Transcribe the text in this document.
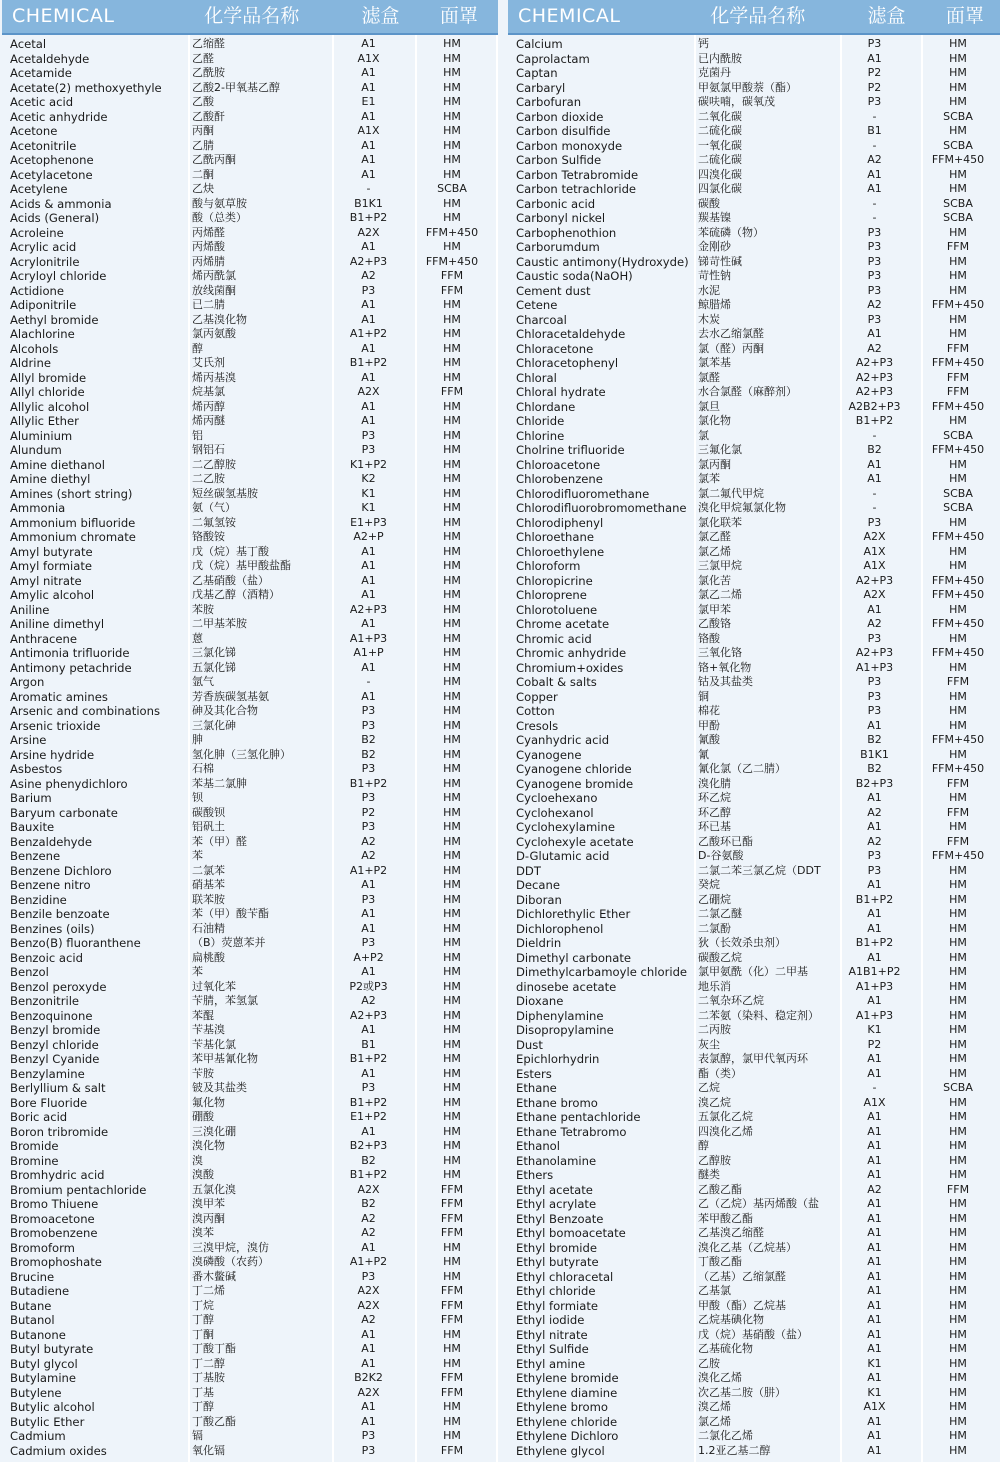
CHEMICAL	化学品名称	滤盒	面罩
Acetal	乙缩醛	A1	HM
Acetaldehyde	乙醛	A1X	HM
Acetamide	乙酰胺	A1	HM
Acetate(2) methoxyethyle	乙酸2-甲氧基乙醇	A1	HM
Acetic acid	乙酸	E1	HM
Acetic anhydride	乙酸酐	A1	HM
Acetone	丙酮	A1X	HM
Acetonitrile	乙腈	A1	HM
Acetophenone	乙酰丙酮	A1	HM
Acetylacetone	二酮	A1	HM
Acetylene	乙炔	-	SCBA
Acids & ammonia	酸与氨草胺	B1K1	HM
Acids (General)	酸（总类）	B1+P2	HM
Acroleine	丙烯醛	A2X	FFM+450
Acrylic acid	丙烯酸	A1	HM
Acrylonitrile	丙烯腈	A2+P3	FFM+450
Acryloyl chloride	烯丙酰氯	A2	FFM
Actidione	放线菌酮	P3	FFM
Adiponitrile	已二腈	A1	HM
Aethyl bromide	乙基溴化物	A1	HM
Alachlorine	氯丙氨酸	A1+P2	HM
Alcohols	醇	A1	HM
Aldrine	艾氏剂	B1+P2	HM
Allyl bromide	烯丙基溴	A1	HM
Allyl chloride	烷基氯	A2X	FFM
Allylic alcohol	烯丙醇	A1	HM
Allylic Ether	烯丙醚	A1	HM
Aluminium	铝	P3	HM
Alundum	钢铝石	P3	HM
Amine diethanol	二乙醇胺	K1+P2	HM
Amine diethyl	二乙胺	K2	HM
Amines (short string)	短丝碳氢基胺	K1	HM
Ammonia	氨（气）	K1	HM
Ammonium bifluoride	二氟氢铵	E1+P3	HM
Ammonium chromate	铬酸铵	A2+P	HM
Amyl butyrate	戊（烷）基丁酸	A1	HM
Amyl formiate	戊（烷）基甲酸盐酯	A1	HM
Amyl nitrate	乙基硝酸（盐）	A1	HM
Amylic alcohol	戊基乙醇（酒精）	A1	HM
Aniline	苯胺	A2+P3	HM
Aniline dimethyl	二甲基苯胺	A1	HM
Anthracene	蒽	A1+P3	HM
Antimonia trifluoride	三氯化锑	A1+P	HM
Antimony petachride	五氯化锑	A1	HM
Argon	氩气	-	HM
Aromatic amines	芳香族碳氢基氨	A1	HM
Arsenic and combinations	砷及其化合物	P3	HM
Arsenic trioxide	三氯化砷	P3	HM
Arsine	胂	B2	HM
Arsine hydride	氢化胂（三氢化胂）	B2	HM
Asbestos	石棉	P3	HM
Asine phenydichloro	苯基二氯胂	B1+P2	HM
Barium	钡	P3	HM
Baryum carbonate	碳酸钡	P2	HM
Bauxite	铝矾土	P3	HM
Benzaldehyde	苯（甲）醛	A2	HM
Benzene	苯	A2	HM
Benzene Dichloro	二氯苯	A1+P2	HM
Benzene nitro	硝基苯	A1	HM
Benzidine	联苯胺	P3	HM
Benzile benzoate	苯（甲）酸苄酯	A1	HM
Benzines (oils)	石油精	A1	HM
Benzo(B) fluoranthene	（B）荧蒽苯并	P3	HM
Benzoic acid	扁桃酸	A+P2	HM
Benzol	苯	A1	HM
Benzol peroxyde	过氧化苯	P2或P3	HM
Benzonitrile	苄腈，苯氢氯	A2	HM
Benzoquinone	苯醌	A2+P3	HM
Benzyl bromide	苄基溴	A1	HM
Benzyl chloride	苄基化氯	B1	HM
Benzyl Cyanide	苯甲基氰化物	B1+P2	HM
Benzylamine	苄胺	A1	HM
Berlyllium & salt	铍及其盐类	P3	HM
Bore Fluoride	氟化物	B1+P2	HM
Boric acid	硼酸	E1+P2	HM
Boron tribromide	三溴化硼	A1	HM
Bromide	溴化物	B2+P3	HM
Bromine	溴	B2	HM
Bromhydric acid	溴酸	B1+P2	HM
Bromium pentachloride	五氯化溴	A2X	FFM
Bromo Thiuene	溴甲苯	B2	FFM
Bromoacetone	溴丙酮	A2	FFM
Bromobenzene	溴苯	A2	FFM
Bromoform	三溴甲烷，溴仿	A1	HM
Bromophoshate	溴磷酸（农药）	A1+P2	HM
Brucine	番木鳖碱	P3	HM
Butadiene	丁二烯	A2X	FFM
Butane	丁烷	A2X	FFM
Butanol	丁醇	A2	FFM
Butanone	丁酮	A1	HM
Butyl butyrate	丁酸丁酯	A1	HM
Butyl glycol	丁二醇	A1	HM
Butylamine	丁基胺	B2K2	FFM
Butylene	丁基	A2X	FFM
Butylic alcohol	丁醇	A1	HM
Butylic Ether	丁酸乙酯	A1	HM
Cadmium	镉	P3	HM
Cadmium oxides	氧化镉	P3	FFM
CHEMICAL	化学品名称	滤盒	面罩
Calcium	钙	P3	HM
Caprolactam	已内酰胺	A1	HM
Captan	克菌丹	P2	HM
Carbaryl	甲氨氯甲酸萘（酯）	P2	HM
Carbofuran	碳呋喃，碳氧茂	P3	HM
Carbon dioxide	二氧化碳	-	SCBA
Carbon disulfide	二硫化碳	B1	HM
Carbon monoxyde	一氧化碳	-	SCBA
Carbon Sulfide	二硫化碳	A2	FFM+450
Carbon Tetrabromide	四溴化碳	A1	HM
Carbon tetrachloride	四氯化碳	A1	HM
Carbonic acid	碳酸	-	SCBA
Carbonyl nickel	羰基镍	-	SCBA
Carbophenothion	苯硫磷（物）	P3	HM
Carborumdum	金刚砂	P3	FFM
Caustic antimony(Hydroxyde) 锑苛性碱	P3	HM
Caustic soda(NaOH)	苛性钠	P3	HM
Cement dust	水泥	P3	HM
Cetene	鲸腊烯	A2	FFM+450
Charcoal	木炭	P3	HM
Chloracetaldehyde	去水乙缩氯醛	A1	HM
Chloracetone	氯（醛）丙酮	A2	FFM
Chloracetophenyl	氯苯基	A2+P3	FFM+450
Chloral	氯醛	A2+P3	FFM
Chloral hydrate	水合氯醛（麻醉剂）	A2+P3	FFM
Chlordane	氯旦	A2B2+P3	FFM+450
Chloride	氯化物	B1+P2	HM
Chlorine	氯	-	SCBA
Cholrine trifluoride	三氟化氯	B2	FFM+450
Chloroacetone	氯丙酮	A1	HM
Chlorobenzene	氯苯	A1	HM
Chlorodifluoromethane	氯二氟代甲烷	-	SCBA
Chlorodifluorobromomethane	溴化甲烷氟氯化物	-	SCBA
Chlorodiphenyl	氯化联苯	P3	HM
Chloroethane	氯乙醛	A2X	FFM+450
Chloroethylene	氯乙烯	A1X	HM
Chloroform	三氯甲烷	A1X	HM
Chloropicrine	氯化苦	A2+P3	FFM+450
Chloroprene	氯乙二烯	A2X	FFM+450
Chlorotoluene	氯甲苯	A1	HM
Chrome acetate	乙酸铬	A2	FFM+450
Chromic acid	铬酸	P3	HM
Chromic anhydride	三氧化铬	A2+P3	FFM+450
Chromium+oxides	铬+氧化物	A1+P3	HM
Cobalt & salts	钴及其盐类	P3	FFM
Copper	铜	P3	HM
Cotton	棉花	P3	HM
Cresols	甲酚	A1	HM
Cyanhydric acid	氰酸	B2	FFM+450
Cyanogene	氰	B1K1	HM
Cyanogene chloride	氰化氯（乙二腈）	B2	FFM+450
Cyanogene bromide	溴化腈	B2+P3	FFM
Cycloehexano	环乙烷	A1	HM
Cyclohexanol	环乙醇	A2	FFM
Cyclohexylamine	环已基	A1	HM
Cyclohexyle acetate	乙酸环已酯	A2	FFM
D-Glutamic acid	D-谷氨酸	P3	FFM+450
DDT	二氯二苯三氯乙烷（DDT	P3	HM
Decane	癸烷	A1	HM
Diboran	乙硼烷	B1+P2	HM
Dichlorethylic Ether	二氯乙醚	A1	HM
Dichlorophenol	二氯酚	A1	HM
Dieldrin	狄（长效杀虫剂）	B1+P2	HM
Dimethyl carbonate	碳酸乙烷	A1	HM
Dimethylcarbamoyle chloride 氯甲氨酰（化）二甲基	A1B1+P2	HM
dinosebe acetate	地乐消	A1+P3	HM
Dioxane	二氧杂环乙烷	A1	HM
Diphenylamine	二苯氨（染料、稳定剂）	A1+P3	HM
Disopropylamine	二丙胺	K1	HM
Dust	灰尘	P2	HM
Epichlorhydrin	表氯醇，氯甲代氧丙环	A1	HM
Esters	酯（类）	A1	HM
Ethane	乙烷	-	SCBA
Ethane bromo	溴乙烷	A1X	HM
Ethane pentachloride	五氯化乙烷	A1	HM
Ethane Tetrabromo	四溴化乙烯	A1	HM
Ethanol	醇	A1	HM
Ethanolamine	乙醇胺	A1	HM
Ethers	醚类	A1	HM
Ethyl acetate	乙酸乙酯	A2	FFM
Ethyl acrylate	乙（乙烷）基丙烯酸（盐	A1	HM
Ethyl Benzoate	苯甲酸乙酯	A1	HM
Ethyl bomoacetate	乙基溴乙缩醛	A1	HM
Ethyl bromide	溴化乙基（乙烷基）	A1	HM
Ethyl butyrate	丁酸乙酯	A1	HM
Ethyl chloracetal	（乙基）乙缩氯醛	A1	HM
Ethyl chloride	乙基氯	A1	HM
Ethyl formiate	甲酸（酯）乙烷基	A1	HM
Ethyl iodide	乙烷基碘化物	A1	HM
Ethyl nitrate	戊（烷）基硝酸（盐）	A1	HM
Ethyl Sulfide	乙基硫化物	A1	HM
Ethyl amine	乙胺	K1	HM
Ethylene bromide	溴化乙烯	A1	HM
Ethylene diamine	次乙基二胺（肼）	K1	HM
Ethylene bromo	溴乙烯	A1X	HM
Ethylene chloride	氯乙烯	A1	HM
Ethylene Dichloro	二氯化乙烯	A1	HM
Ethylene glycol	1.2亚乙基二醇	A1	HM
